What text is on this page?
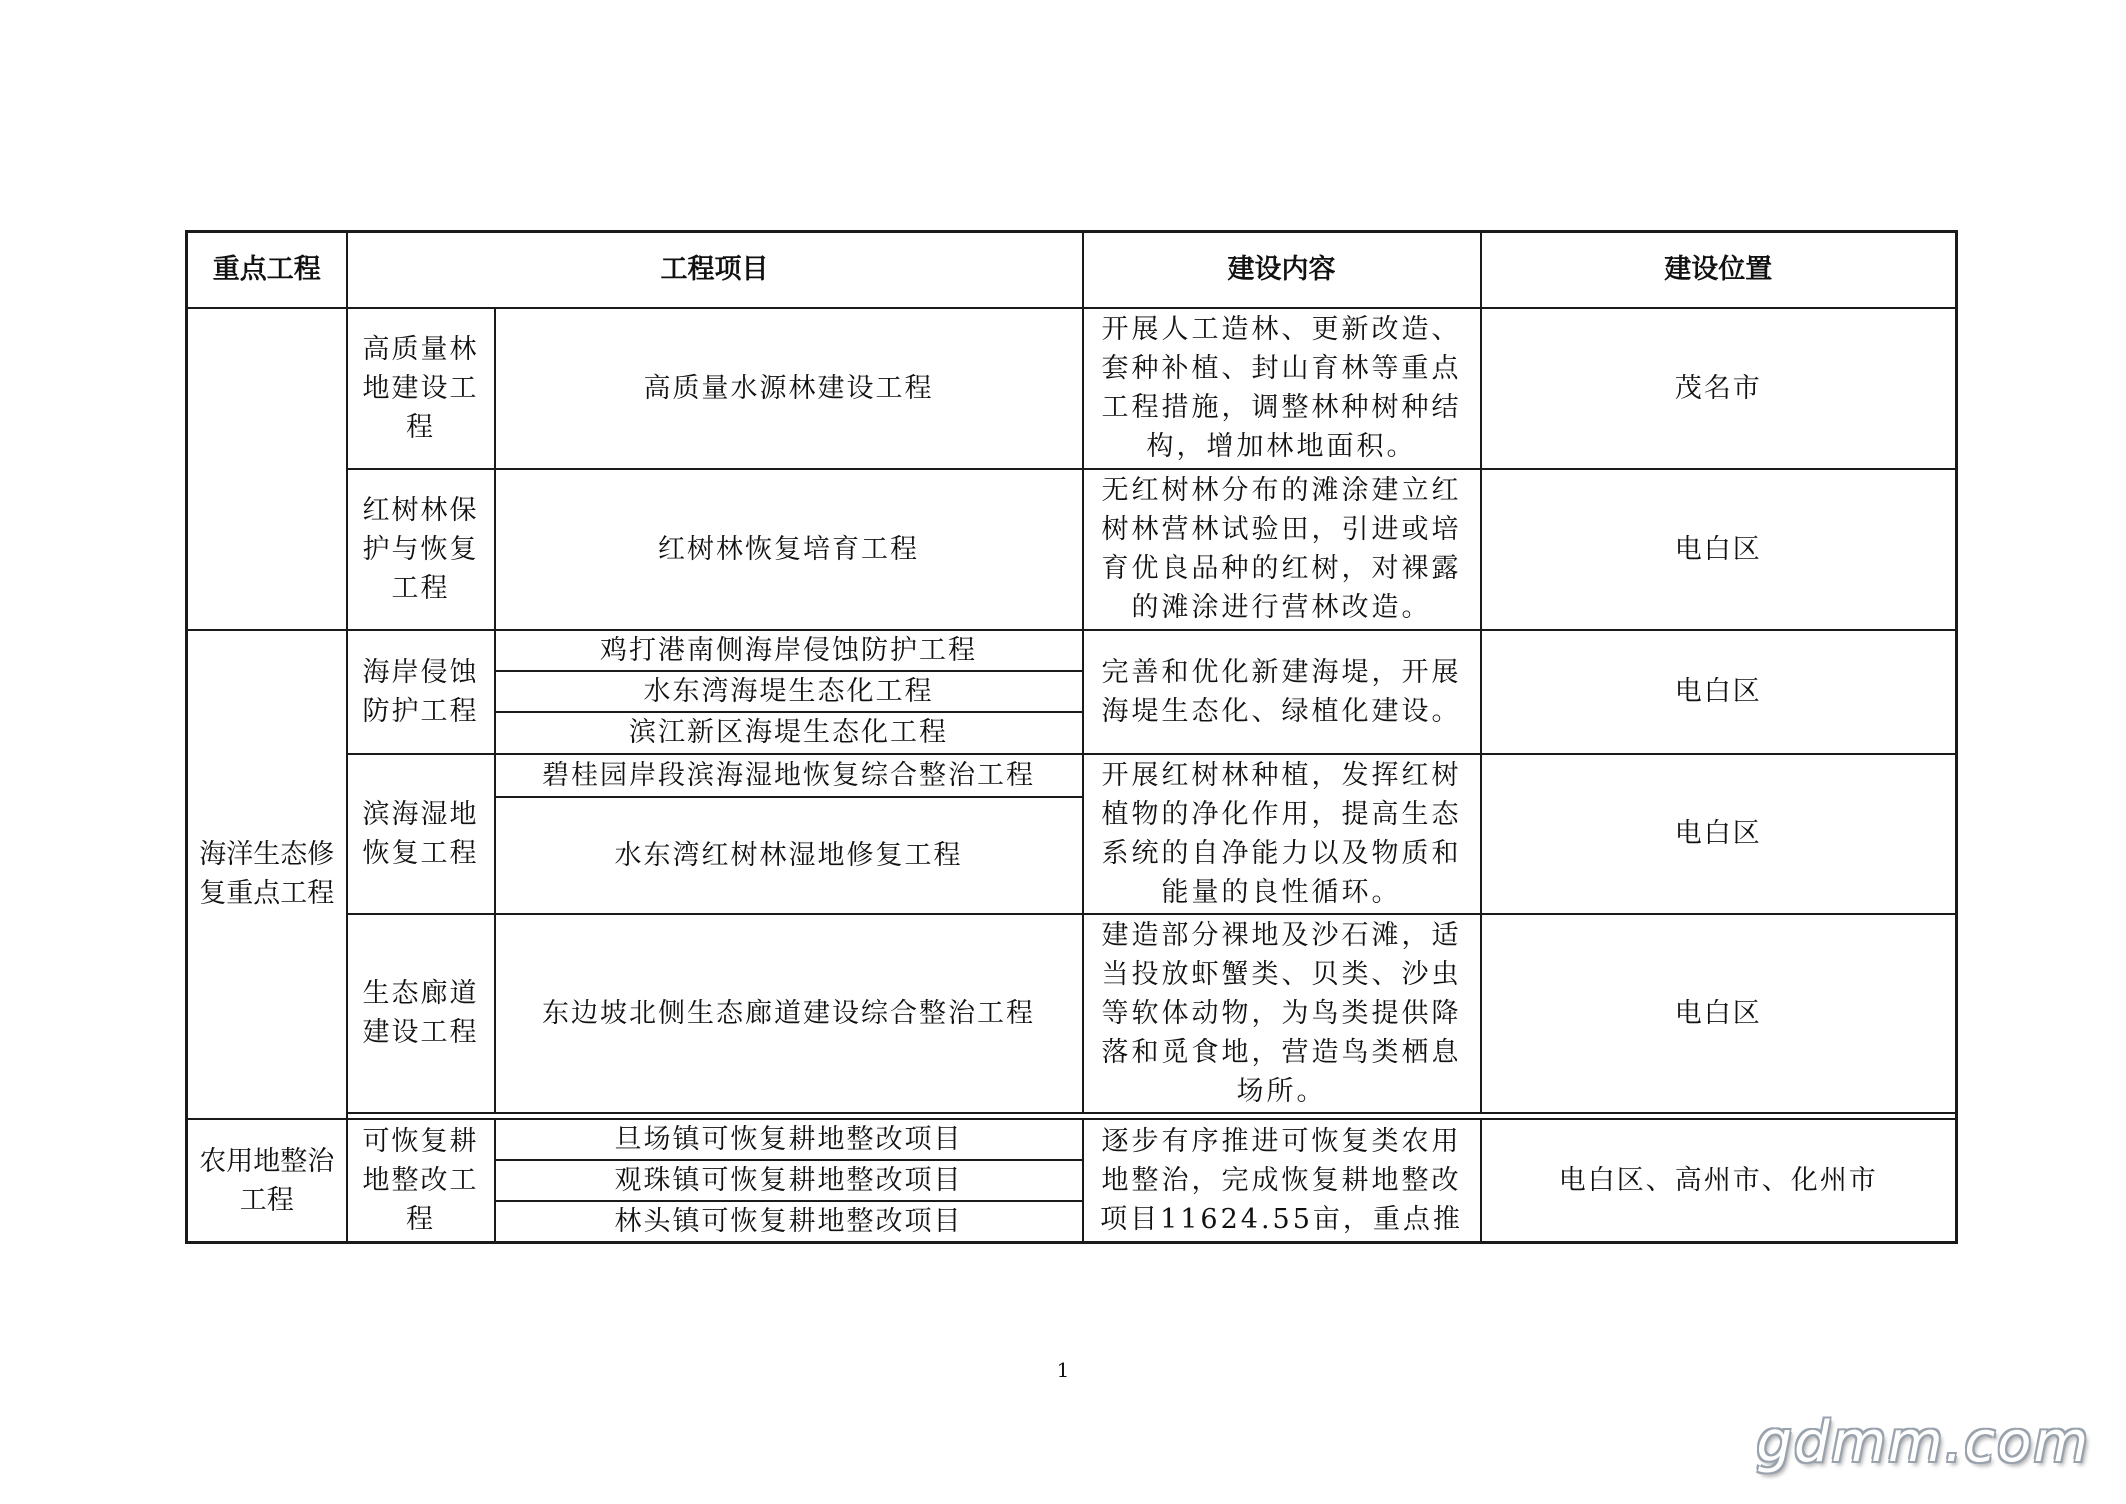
重点工程	工程项目		建设内容	建设位置
	高质量林地建设工程	高质量水源林建设工程	开展人工造林、更新改造、套种补植、封山育林等重点工程措施，调整林种树种结构，增加林地面积。	茂名市
	红树林保护与恢复工程	红树林恢复培育工程	无红树林分布的滩涂建立红树林营林试验田，引进或培育优良品种的红树，对裸露的滩涂进行营林改造。	电白区
海洋生态修复重点工程	海岸侵蚀防护工程	鸡打港南侧海岸侵蚀防护工程	完善和优化新建海堤，开展海堤生态化、绿植化建设。	电白区
		水东湾海堤生态化工程		
		滨江新区海堤生态化工程		
	滨海湿地恢复工程	碧桂园岸段滨海湿地恢复综合整治工程	开展红树林种植，发挥红树植物的净化作用，提高生态系统的自净能力以及物质和能量的良性循环。	电白区
		水东湾红树林湿地修复工程		
	生态廊道建设工程	东边坡北侧生态廊道建设综合整治工程	建造部分裸地及沙石滩，适当投放虾蟹类、贝类、沙虫等软体动物，为鸟类提供降落和觅食地，营造鸟类栖息场所。	电白区

农用地整治工程	可恢复耕地整改工程	旦场镇可恢复耕地整改项目	逐步有序推进可恢复类农用地整治，完成恢复耕地整改项目11624.55亩，重点推	电白区、高州市、化州市
		观珠镇可恢复耕地整改项目		
		林头镇可恢复耕地整改项目		
1
gdmm.com
